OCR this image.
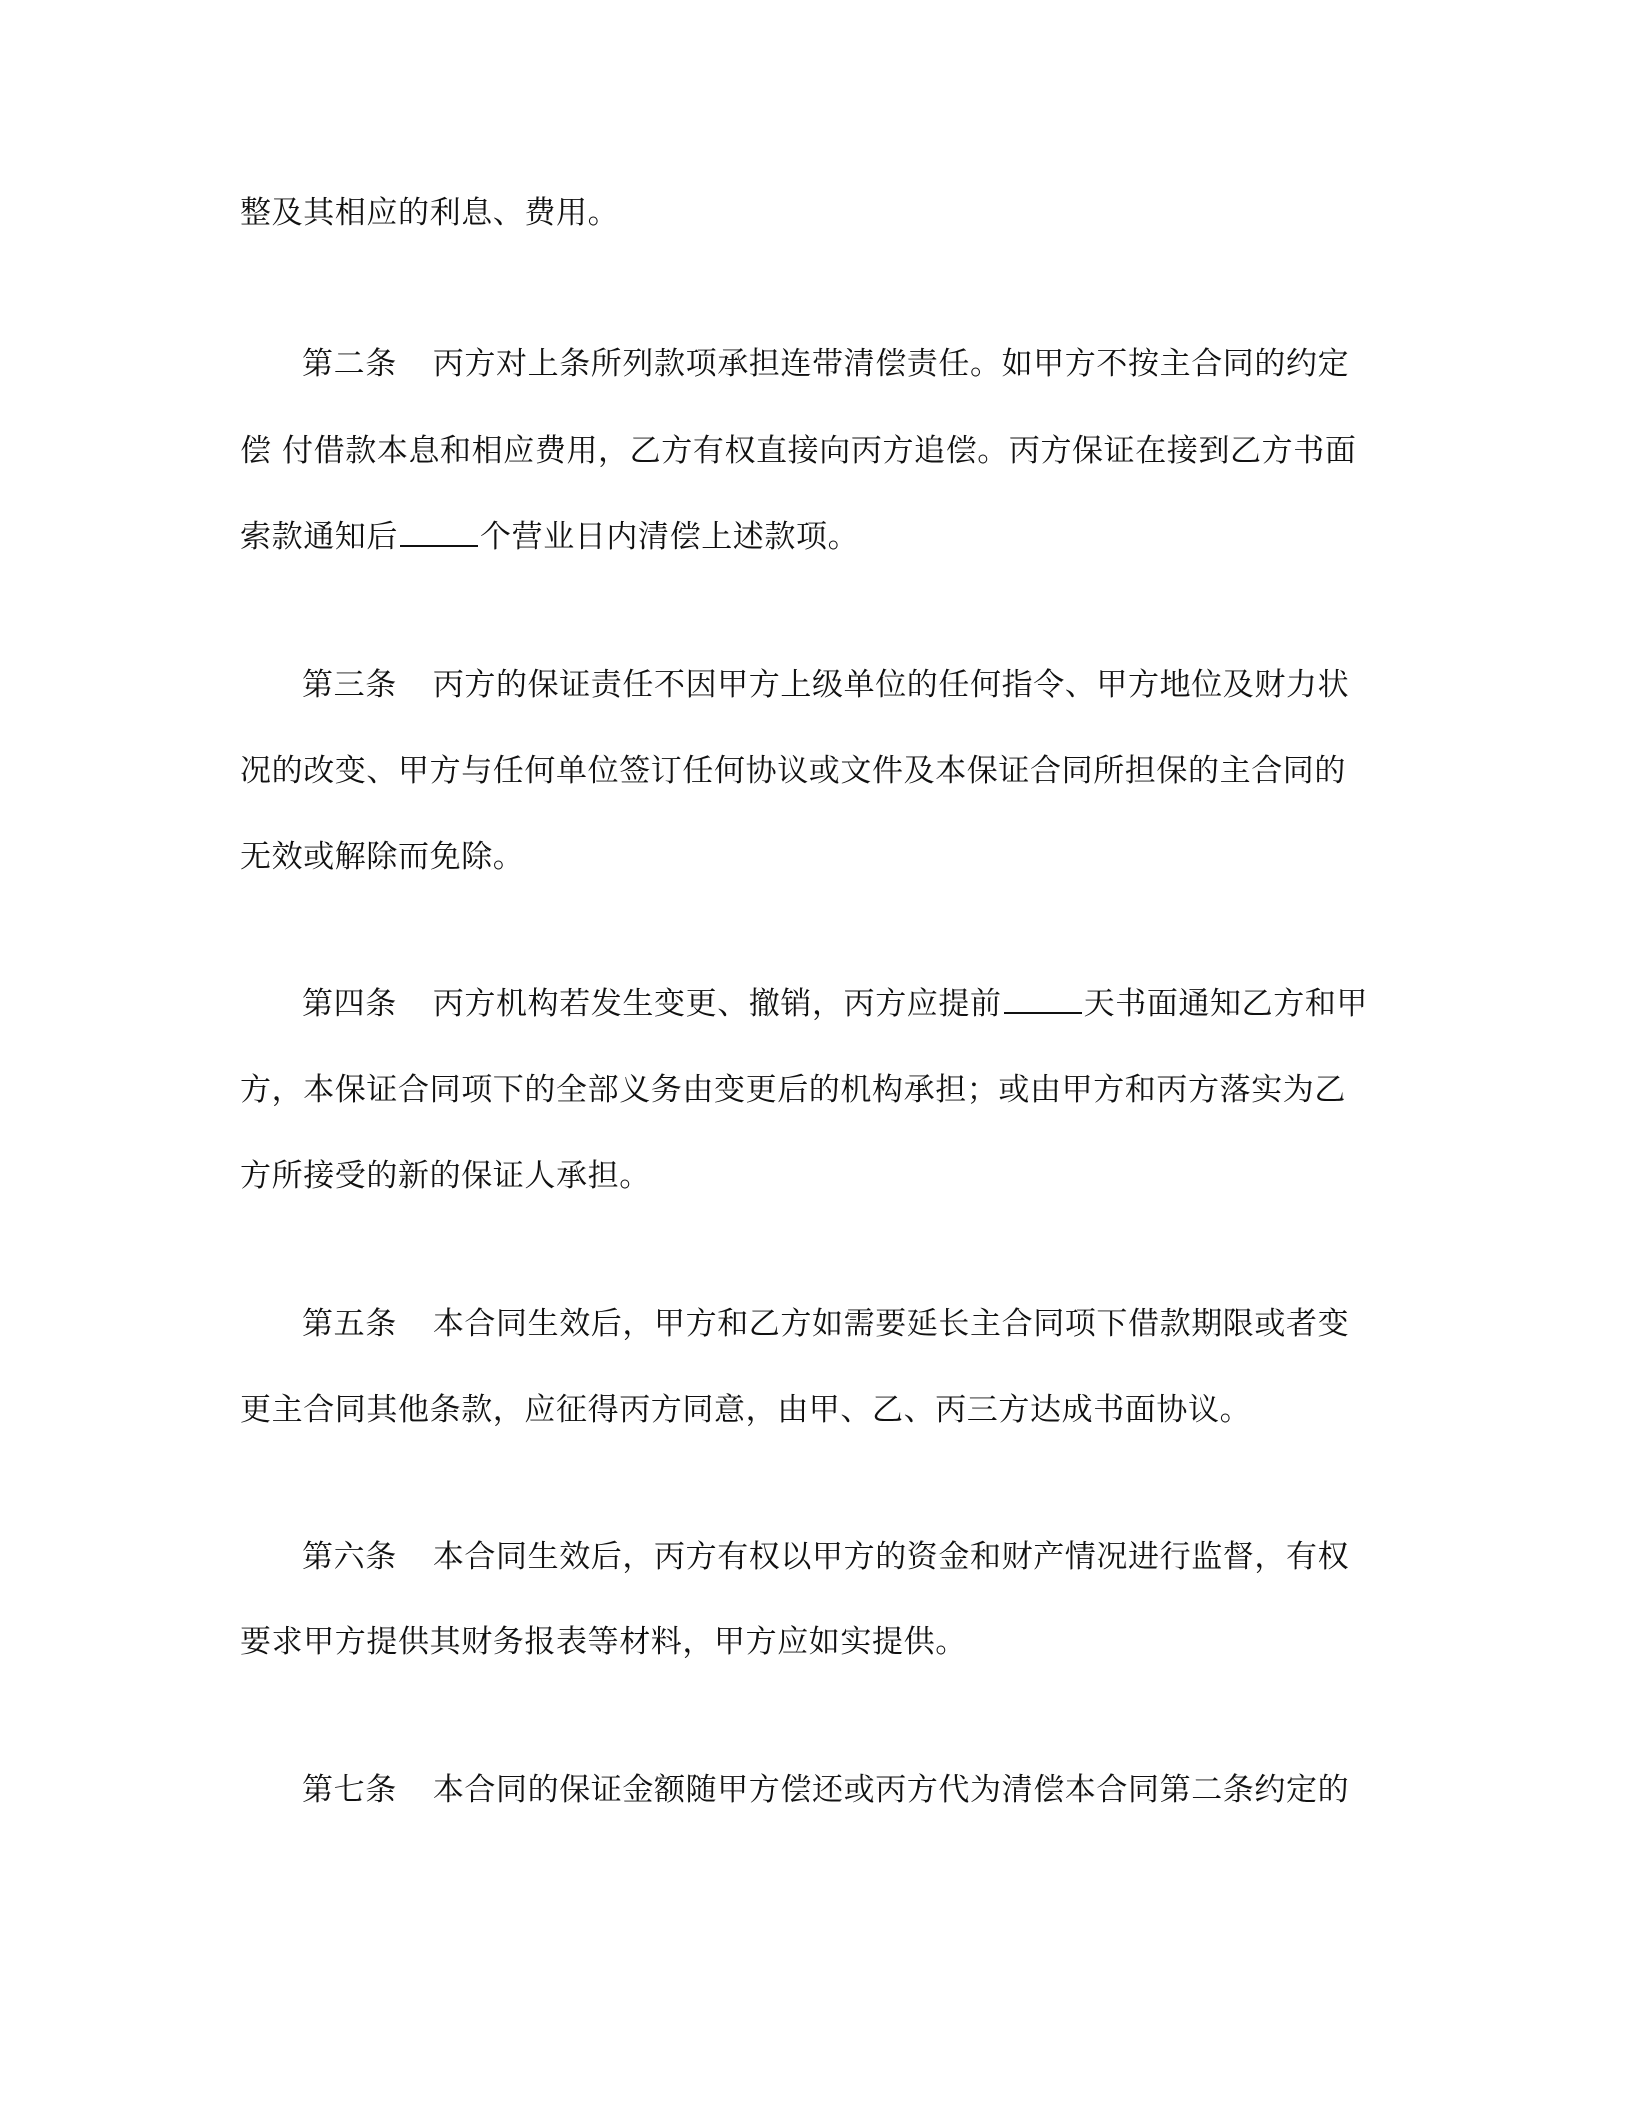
整及其相应的利息、费用。
第二条 丙方对上条所列款项承担连带清偿责任。如甲方不按主合同的约定
偿 付借款本息和相应费用，乙方有权直接向丙方追偿。丙方保证在接到乙方书面
索款通知后	个营业日内清偿上述款项。
第三条 丙方的保证责任不因甲方上级单位的任何指令、甲方地位及财力状
况的改变、甲方与任何单位签订任何协议或文件及本保证合同所担保的主合同的
无效或解除而免除。
第四条 丙方机构若发生变更、撤销，丙方应提前	天书面通知乙方和甲
方，本保证合同项下的全部义务由变更后的机构承担；或由甲方和丙方落实为乙
方所接受的新的保证人承担。
第五条 本合同生效后，甲方和乙方如需要延长主合同项下借款期限或者变
更主合同其他条款，应征得丙方同意，由甲、乙、丙三方达成书面协议。
第六条 本合同生效后，丙方有权以甲方的资金和财产情况进行监督，有权
要求甲方提供其财务报表等材料，甲方应如实提供。
第七条 本合同的保证金额随甲方偿还或丙方代为清偿本合同第二条约定的
